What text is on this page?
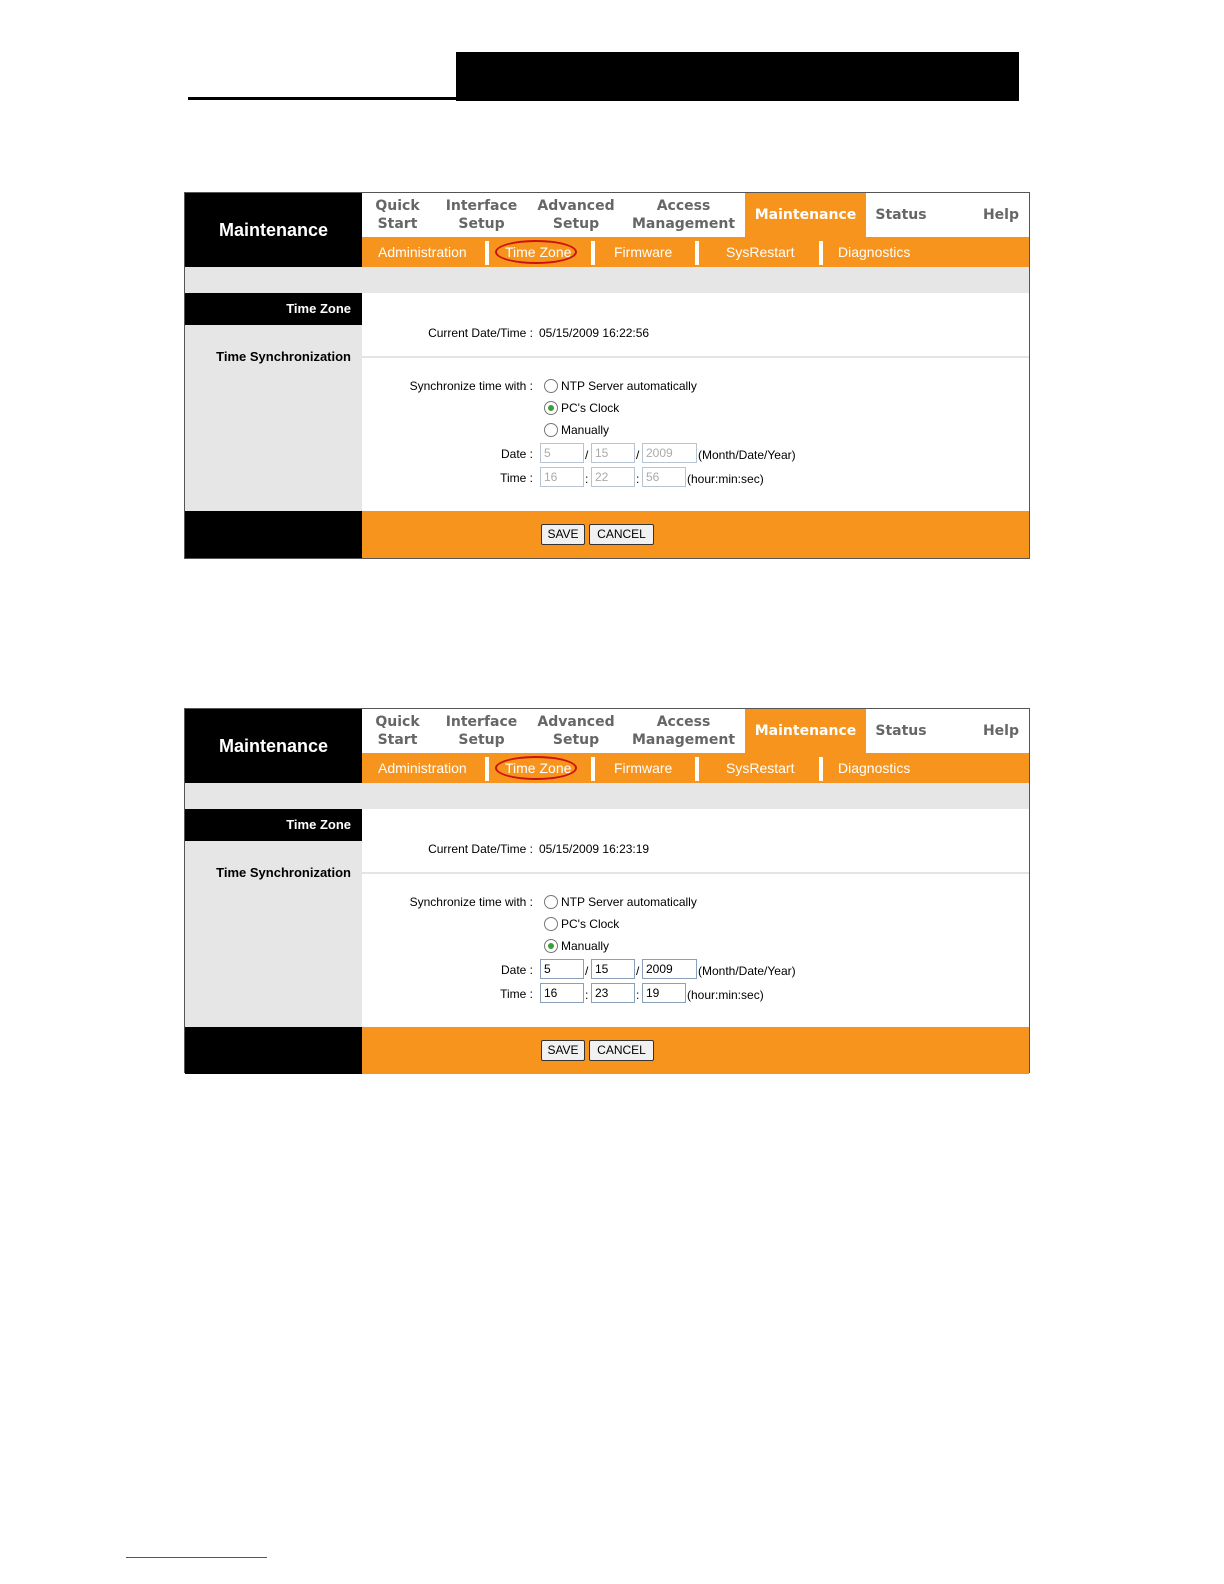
Maintenance
Quick
Start
Interface
Setup
Advanced
Setup
Access
Management
Maintenance Status	Help
Administration	Time Zone	Firmware	SysRestart	Diagnostics
Time Zone
Time Synchronization
Current Date/Time : 05/15/2009 16:22:56
Synchronize time with : NTP Server automatically
PC's Clock
Manually
Date : 5	/ 15	/ 2009	(Month/Date/Year)
Time : 16	: 22	: 56	(hour:min:sec)
SAVE	CANCEL
Maintenance
Quick
Start
Interface
Setup
Advanced
Setup
Access
Management
Maintenance Status	Help
Administration	Time Zone	Firmware	SysRestart	Diagnostics
Time Zone
Time Synchronization
Current Date/Time : 05/15/2009 16:23:19
Synchronize time with : NTP Server automatically
PC's Clock
Manually
Date : 5	/ 15	/ 2009	(Month/Date/Year)
Time : 16	: 23	: 19	(hour:min:sec)
SAVE	CANCEL
